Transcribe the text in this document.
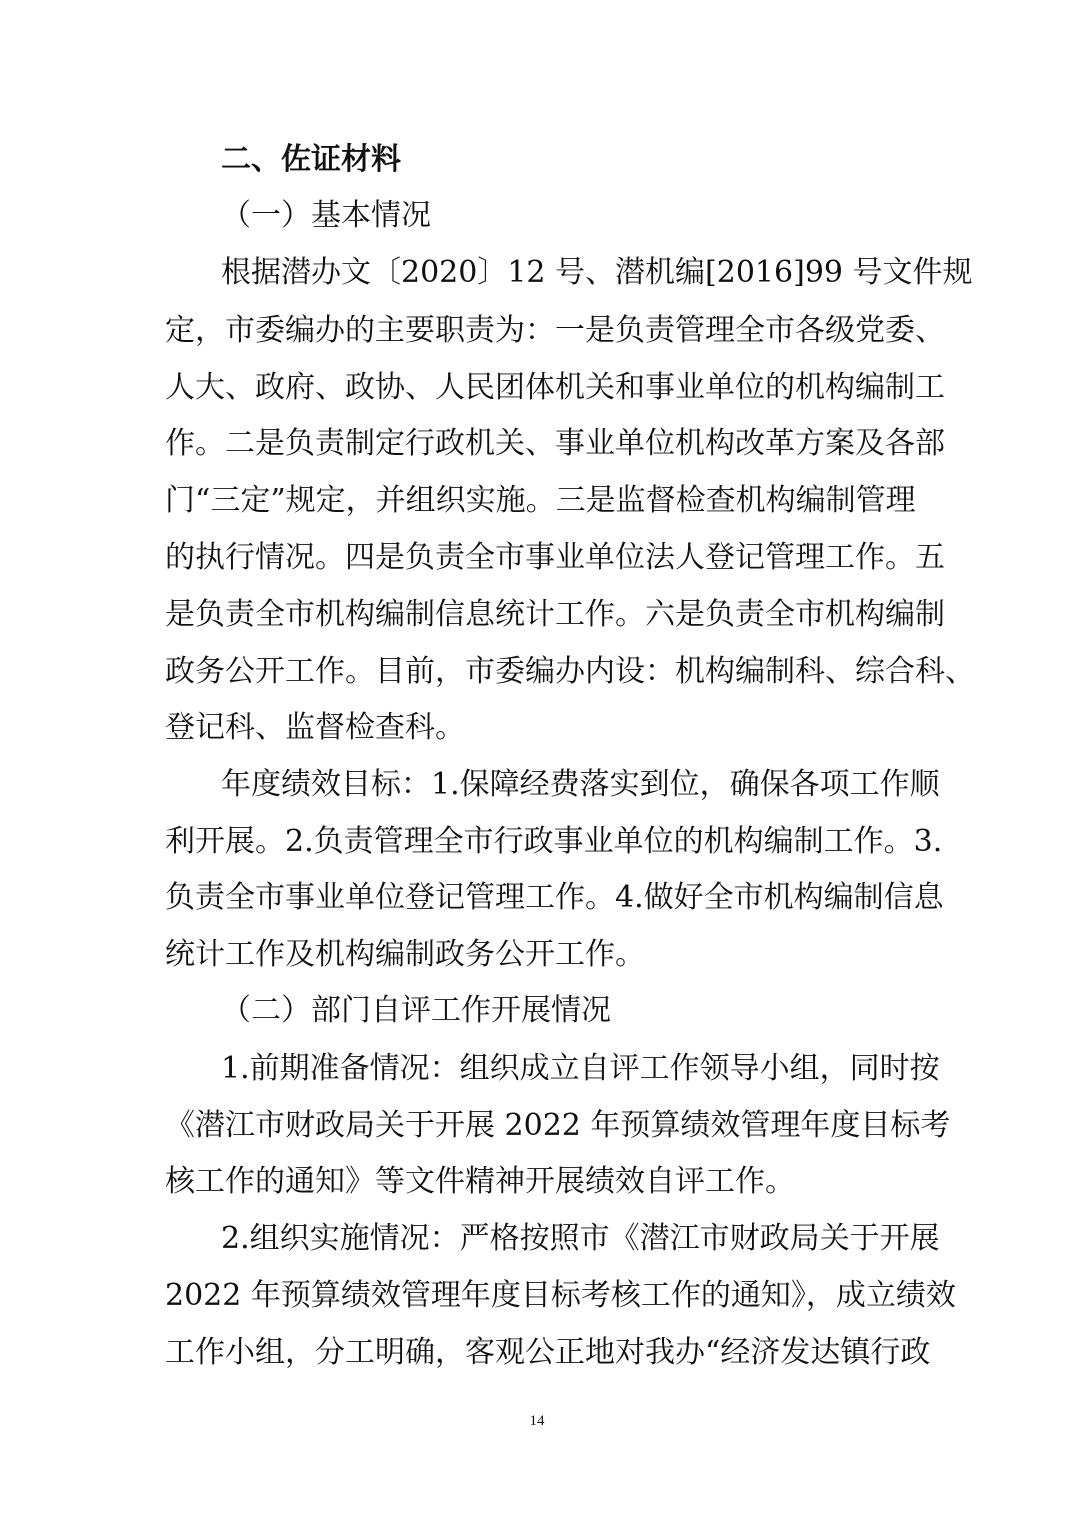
二、佐证材料
（一）基本情况
根据潜办文〔2020〕12 号、潜机编[2016]99 号文件规
定，市委编办的主要职责为：一是负责管理全市各级党委、
人大、政府、政协、人民团体机关和事业单位的机构编制工
作。二是负责制定行政机关、事业单位机构改革方案及各部
门“三定”规定，并组织实施。三是监督检查机构编制管理
的执行情况。四是负责全市事业单位法人登记管理工作。五
是负责全市机构编制信息统计工作。六是负责全市机构编制
政务公开工作。目前，市委编办内设：机构编制科、综合科、
登记科、监督检查科。
年度绩效目标：1.保障经费落实到位，确保各项工作顺
利开展。2.负责管理全市行政事业单位的机构编制工作。3.
负责全市事业单位登记管理工作。4.做好全市机构编制信息
统计工作及机构编制政务公开工作。
（二）部门自评工作开展情况
1.前期准备情况：组织成立自评工作领导小组，同时按
《潜江市财政局关于开展 2022 年预算绩效管理年度目标考
核工作的通知》等文件精神开展绩效自评工作。
2.组织实施情况：严格按照市《潜江市财政局关于开展
2022 年预算绩效管理年度目标考核工作的通知》，成立绩效
工作小组，分工明确，客观公正地对我办“经济发达镇行政
14
